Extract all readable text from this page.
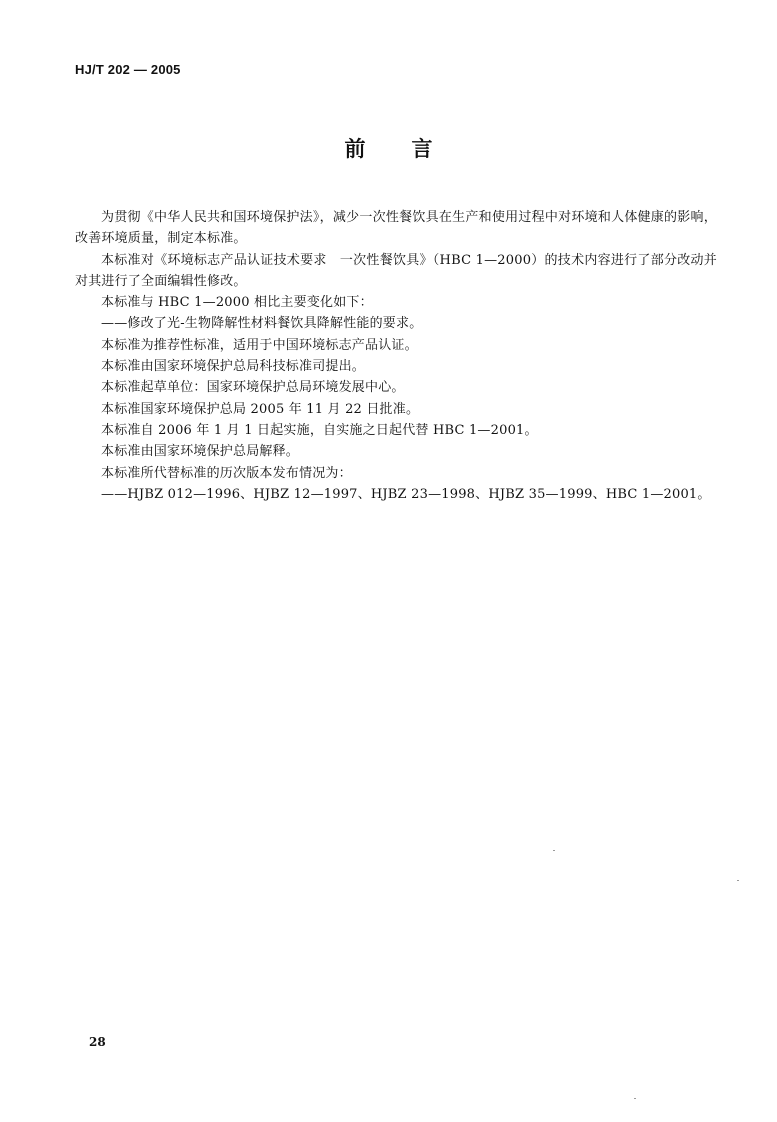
HJ/T 202 — 2005
前言

为贯彻《中华人民共和国环境保护法》，减少一次性餐饮具在生产和使用过程中对环境和人体健康的影响，改善环境质量，制定本标准。

本标准对《环境标志产品认证技术要求　一次性餐饮具》（HBC 1—2000）的技术内容进行了部分改动并对其进行了全面编辑性修改。

本标准与 HBC 1—2000 相比主要变化如下：

——修改了光-生物降解性材料餐饮具降解性能的要求。

本标准为推荐性标准，适用于中国环境标志产品认证。

本标准由国家环境保护总局科技标准司提出。

本标准起草单位：国家环境保护总局环境发展中心。

本标准国家环境保护总局 2005 年 11 月 22 日批准。

本标准自 2006 年 1 月 1 日起实施，自实施之日起代替 HBC 1—2001。

本标准由国家环境保护总局解释。

本标准所代替标准的历次版本发布情况为：

——HJBZ 012—1996、HJBZ 12—1997、HJBZ 23—1998、HJBZ 35—1999、HBC 1—2001。

28
